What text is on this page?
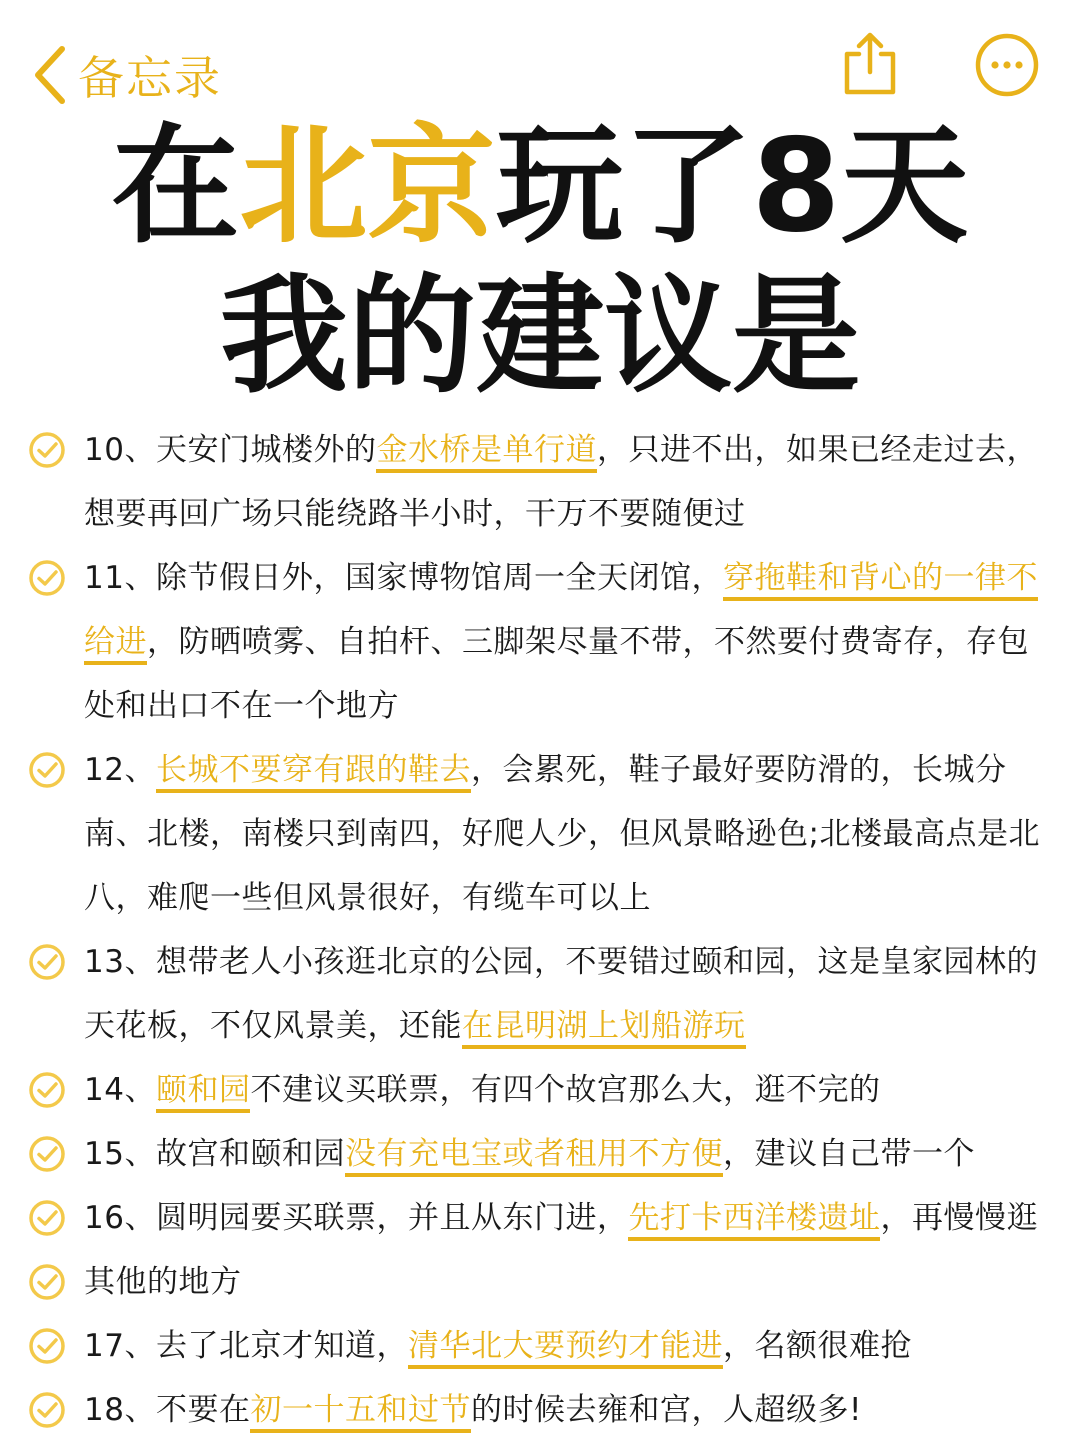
备忘录
在北京玩了8天
我的建议是
10、天安门城楼外的金水桥是单行道，只进不出，如果已经走过去，想要再回广场只能绕路半小时，干万不要随便过
11、除节假日外，国家博物馆周一全天闭馆，穿拖鞋和背心的一律不给进，防晒喷雾、自拍杆、三脚架尽量不带，不然要付费寄存，存包处和出口不在一个地方
12、长城不要穿有跟的鞋去，会累死，鞋子最好要防滑的，长城分南、北楼，南楼只到南四，好爬人少，但风景略逊色;北楼最高点是北八，难爬一些但风景很好，有缆车可以上
13、想带老人小孩逛北京的公园，不要错过颐和园，这是皇家园林的天花板，不仅风景美，还能在昆明湖上划船游玩
14、颐和园不建议买联票，有四个故宫那么大，逛不完的
15、故宫和颐和园没有充电宝或者租用不方便，建议自己带一个
16、圆明园要买联票，并且从东门进，先打卡西洋楼遗址，再慢慢逛其他的地方
17、去了北京才知道，清华北大要预约才能进，名额很难抢
18、不要在初一十五和过节的时候去雍和宫，人超级多!
